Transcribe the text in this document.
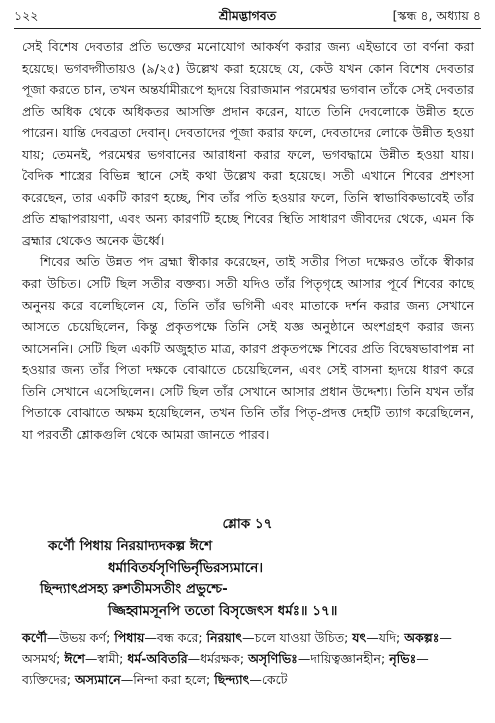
১২২	শ্রীমদ্ভাগবত	[স্কন্ধ ৪, অধ্যায় ৪

সেই বিশেষ দেবতার প্রতি ভক্তের মনোযোগ আকর্ষণ করার জন্য এইভাবে তা বর্ণনা করা হয়েছে। ভগবদ্গীতায়ও (৯/২৫) উল্লেখ করা হয়েছে যে, কেউ যখন কোন বিশেষ দেবতার পূজা করতে চান, তখন অন্তর্যামীরূপে হৃদয়ে বিরাজমান পরমেশ্বর ভগবান তাঁকে সেই দেবতার প্রতি অধিক থেকে অধিকতর আসক্তি প্রদান করেন, যাতে তিনি দেবলোকে উন্নীত হতে পারেন। যান্তি দেবব্রতা দেবান্। দেবতাদের পূজা করার ফলে, দেবতাদের লোকে উন্নীত হওয়া যায়; তেমনই, পরমেশ্বর ভগবানের আরাধনা করার ফলে, ভগবদ্ধামে উন্নীত হওয়া যায়। বৈদিক শাস্ত্রের বিভিন্ন স্থানে সেই কথা উল্লেখ করা হয়েছে। সতী এখানে শিবের প্রশংসা করেছেন, তার একটি কারণ হচ্ছে, শিব তাঁর পতি হওয়ার ফলে, তিনি স্বাভাবিকভাবেই তাঁর প্রতি শ্রদ্ধাপরায়ণা, এবং অন্য কারণটি হচ্ছে শিবের স্থিতি সাধারণ জীবদের থেকে, এমন কি ব্রহ্মার থেকেও অনেক ঊর্ধ্বে।

শিবের অতি উন্নত পদ ব্রহ্মা স্বীকার করেছেন, তাই সতীর পিতা দক্ষেরও তাঁকে স্বীকার করা উচিত। সেটি ছিল সতীর বক্তব্য। সতী যদিও তাঁর পিতৃগৃহে আসার পূর্বে শিবের কাছে অনুনয় করে বলেছিলেন যে, তিনি তাঁর ভগিনী এবং মাতাকে দর্শন করার জন্য সেখানে আসতে চেয়েছিলেন, কিন্তু প্রকৃতপক্ষে তিনি সেই যজ্ঞ অনুষ্ঠানে অংশগ্রহণ করার জন্য আসেননি। সেটি ছিল একটি অজুহাত মাত্র, কারণ প্রকৃতপক্ষে শিবের প্রতি বিদ্বেষভাবাপন্ন না হওয়ার জন্য তাঁর পিতা দক্ষকে বোঝাতে চেয়েছিলেন, এবং সেই বাসনা হৃদয়ে ধারণ করে তিনি সেখানে এসেছিলেন। সেটি ছিল তাঁর সেখানে আসার প্রধান উদ্দেশ্য। তিনি যখন তাঁর পিতাকে বোঝাতে অক্ষম হয়েছিলেন, তখন তিনি তাঁর পিতৃ-প্রদত্ত দেহটি ত্যাগ করেছিলেন, যা পরবর্তী শ্লোকগুলি থেকে আমরা জানতে পারব।

শ্লোক ১৭
কর্ণৌ পিধায় নিরয়াদ্যদকল্প ঈশে
ধর্মাবিতর্যসৃণিভির্নৃভিরস্যমানে।
ছিন্দ্যাৎপ্রসহ্য রুশতীমসতীং প্রভুশ্চে-
জ্জিহ্বামসূনপি ততো বিসৃজেৎস ধর্মঃ॥ ১৭॥
কর্ণৌ—উভয় কর্ণ; পিধায়—বন্ধ করে; নিরয়াৎ—চলে যাওয়া উচিত; যৎ—যদি; অকল্পঃ—অসমর্থ; ঈশে—স্বামী; ধর্ম-অবিতরি—ধর্মরক্ষক; অসৃণিভিঃ—দায়িত্বজ্ঞানহীন; নৃভিঃ—ব্যক্তিদের; অস্যমানে—নিন্দা করা হলে; ছিন্দ্যাৎ—কেটে
